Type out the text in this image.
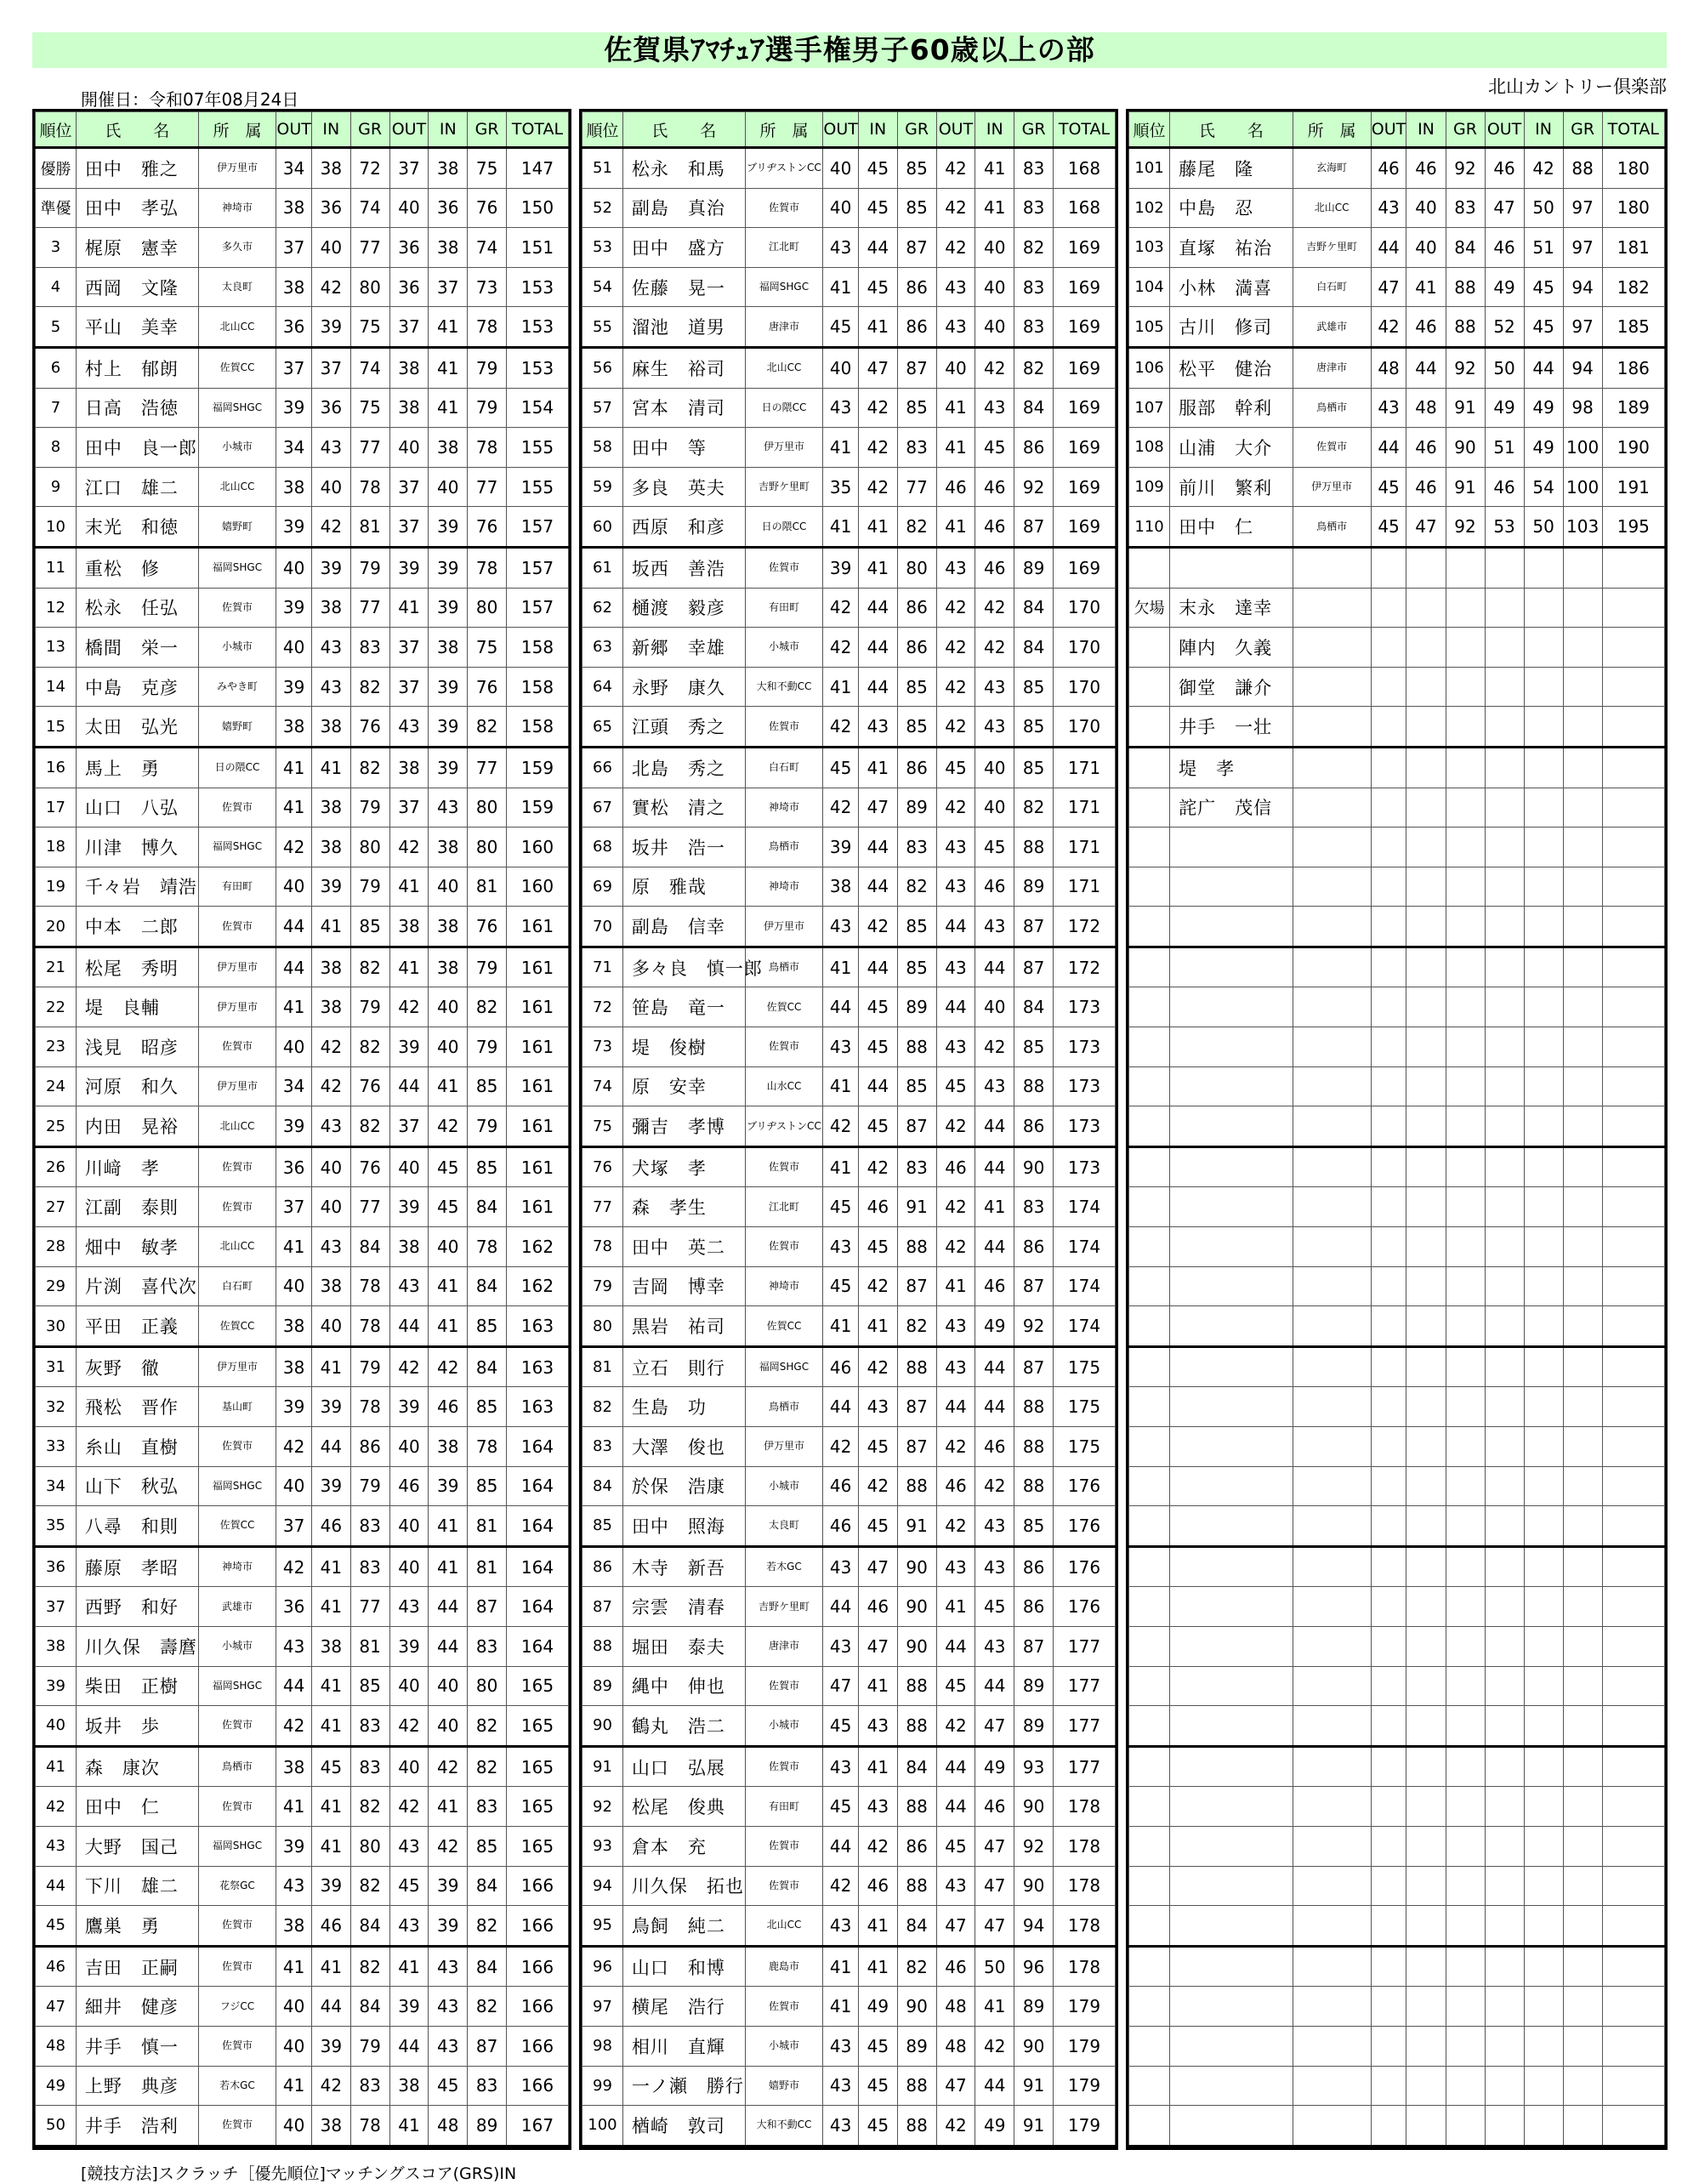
佐賀県ｱﾏﾁｭｱ選手権男子60歳以上の部
北山カントリー倶楽部
開催日：令和07年08月24日
順位	氏　　名	所　属	OUT	IN	GR	OUT	IN	GR	TOTAL
優勝	田中　雅之	伊万里市	34	38	72	37	38	75	147
準優	田中　孝弘	神埼市	38	36	74	40	36	76	150
3	梶原　憲幸	多久市	37	40	77	36	38	74	151
4	西岡　文隆	太良町	38	42	80	36	37	73	153
5	平山　美幸	北山CC	36	39	75	37	41	78	153
6	村上　郁朗	佐賀CC	37	37	74	38	41	79	153
7	日高　浩徳	福岡SHGC	39	36	75	38	41	79	154
8	田中　良一郎	小城市	34	43	77	40	38	78	155
9	江口　雄二	北山CC	38	40	78	37	40	77	155
10	末光　和徳	嬉野町	39	42	81	37	39	76	157
11	重松　修	福岡SHGC	40	39	79	39	39	78	157
12	松永　任弘	佐賀市	39	38	77	41	39	80	157
13	橋間　栄一	小城市	40	43	83	37	38	75	158
14	中島　克彦	みやき町	39	43	82	37	39	76	158
15	太田　弘光	嬉野町	38	38	76	43	39	82	158
16	馬上　勇	日の隈CC	41	41	82	38	39	77	159
17	山口　八弘	佐賀市	41	38	79	37	43	80	159
18	川津　博久	福岡SHGC	42	38	80	42	38	80	160
19	千々岩　靖浩	有田町	40	39	79	41	40	81	160
20	中本　二郎	佐賀市	44	41	85	38	38	76	161
21	松尾　秀明	伊万里市	44	38	82	41	38	79	161
22	堤　良輔	伊万里市	41	38	79	42	40	82	161
23	浅見　昭彦	佐賀市	40	42	82	39	40	79	161
24	河原　和久	伊万里市	34	42	76	44	41	85	161
25	内田　晃裕	北山CC	39	43	82	37	42	79	161
26	川﨑　孝	佐賀市	36	40	76	40	45	85	161
27	江副　泰則	佐賀市	37	40	77	39	45	84	161
28	畑中　敏孝	北山CC	41	43	84	38	40	78	162
29	片渕　喜代次	白石町	40	38	78	43	41	84	162
30	平田　正義	佐賀CC	38	40	78	44	41	85	163
31	灰野　徹	伊万里市	38	41	79	42	42	84	163
32	飛松　晋作	基山町	39	39	78	39	46	85	163
33	糸山　直樹	佐賀市	42	44	86	40	38	78	164
34	山下　秋弘	福岡SHGC	40	39	79	46	39	85	164
35	八尋　和則	佐賀CC	37	46	83	40	41	81	164
36	藤原　孝昭	神埼市	42	41	83	40	41	81	164
37	西野　和好	武雄市	36	41	77	43	44	87	164
38	川久保　壽麿	小城市	43	38	81	39	44	83	164
39	柴田　正樹	福岡SHGC	44	41	85	40	40	80	165
40	坂井　歩	佐賀市	42	41	83	42	40	82	165
41	森　康次	鳥栖市	38	45	83	40	42	82	165
42	田中　仁	佐賀市	41	41	82	42	41	83	165
43	大野　国己	福岡SHGC	39	41	80	43	42	85	165
44	下川　雄二	花祭GC	43	39	82	45	39	84	166
45	鷹巣　勇	佐賀市	38	46	84	43	39	82	166
46	吉田　正嗣	佐賀市	41	41	82	41	43	84	166
47	細井　健彦	フジCC	40	44	84	39	43	82	166
48	井手　慎一	佐賀市	40	39	79	44	43	87	166
49	上野　典彦	若木GC	41	42	83	38	45	83	166
50	井手　浩利	佐賀市	40	38	78	41	48	89	167
順位	氏　　名	所　属	OUT	IN	GR	OUT	IN	GR	TOTAL
51	松永　和馬	ブリヂストンCC	40	45	85	42	41	83	168
52	副島　真治	佐賀市	40	45	85	42	41	83	168
53	田中　盛方	江北町	43	44	87	42	40	82	169
54	佐藤　晃一	福岡SHGC	41	45	86	43	40	83	169
55	溜池　道男	唐津市	45	41	86	43	40	83	169
56	麻生　裕司	北山CC	40	47	87	40	42	82	169
57	宮本　清司	日の隈CC	43	42	85	41	43	84	169
58	田中　等	伊万里市	41	42	83	41	45	86	169
59	多良　英夫	吉野ケ里町	35	42	77	46	46	92	169
60	西原　和彦	日の隈CC	41	41	82	41	46	87	169
61	坂西　善浩	佐賀市	39	41	80	43	46	89	169
62	樋渡　毅彦	有田町	42	44	86	42	42	84	170
63	新郷　幸雄	小城市	42	44	86	42	42	84	170
64	永野　康久	大和不動CC	41	44	85	42	43	85	170
65	江頭　秀之	佐賀市	42	43	85	42	43	85	170
66	北島　秀之	白石町	45	41	86	45	40	85	171
67	實松　清之	神埼市	42	47	89	42	40	82	171
68	坂井　浩一	鳥栖市	39	44	83	43	45	88	171
69	原　雅哉	神埼市	38	44	82	43	46	89	171
70	副島　信幸	伊万里市	43	42	85	44	43	87	172
71	多々良　慎一郎	鳥栖市	41	44	85	43	44	87	172
72	笹島　竜一	佐賀CC	44	45	89	44	40	84	173
73	堤　俊樹	佐賀市	43	45	88	43	42	85	173
74	原　安幸	山水CC	41	44	85	45	43	88	173
75	彌吉　孝博	ブリヂストンCC	42	45	87	42	44	86	173
76	犬塚　孝	佐賀市	41	42	83	46	44	90	173
77	森　孝生	江北町	45	46	91	42	41	83	174
78	田中　英二	佐賀市	43	45	88	42	44	86	174
79	吉岡　博幸	神埼市	45	42	87	41	46	87	174
80	黒岩　祐司	佐賀CC	41	41	82	43	49	92	174
81	立石　則行	福岡SHGC	46	42	88	43	44	87	175
82	生島　功	鳥栖市	44	43	87	44	44	88	175
83	大澤　俊也	伊万里市	42	45	87	42	46	88	175
84	於保　浩康	小城市	46	42	88	46	42	88	176
85	田中　照海	太良町	46	45	91	42	43	85	176
86	木寺　新吾	若木GC	43	47	90	43	43	86	176
87	宗雲　清春	吉野ケ里町	44	46	90	41	45	86	176
88	堀田　泰夫	唐津市	43	47	90	44	43	87	177
89	縄中　伸也	佐賀市	47	41	88	45	44	89	177
90	鶴丸　浩二	小城市	45	43	88	42	47	89	177
91	山口　弘展	佐賀市	43	41	84	44	49	93	177
92	松尾　俊典	有田町	45	43	88	44	46	90	178
93	倉本　充	佐賀市	44	42	86	45	47	92	178
94	川久保　拓也	佐賀市	42	46	88	43	47	90	178
95	鳥飼　純二	北山CC	43	41	84	47	47	94	178
96	山口　和博	鹿島市	41	41	82	46	50	96	178
97	横尾　浩行	佐賀市	41	49	90	48	41	89	179
98	相川　直輝	小城市	43	45	89	48	42	90	179
99	一ノ瀬　勝行	嬉野市	43	45	88	47	44	91	179
100	楢崎　敦司	大和不動CC	43	45	88	42	49	91	179
順位	氏　　名	所　属	OUT	IN	GR	OUT	IN	GR	TOTAL
101	藤尾　隆	玄海町	46	46	92	46	42	88	180
102	中島　忍	北山CC	43	40	83	47	50	97	180
103	直塚　祐治	吉野ケ里町	44	40	84	46	51	97	181
104	小林　満喜	白石町	47	41	88	49	45	94	182
105	古川　修司	武雄市	42	46	88	52	45	97	185
106	松平　健治	唐津市	48	44	92	50	44	94	186
107	服部　幹利	鳥栖市	43	48	91	49	49	98	189
108	山浦　大介	佐賀市	44	46	90	51	49	100	190
109	前川　繁利	伊万里市	45	46	91	46	54	100	191
110	田中　仁	鳥栖市	45	47	92	53	50	103	195

欠場	末永　達幸								
	陣内　久義								
	御堂　謙介								
	井手　一壮								
	堤　孝								
	詫广　茂信								

[競技方法]スクラッチ［優先順位]マッチングスコア(GRS)IN
